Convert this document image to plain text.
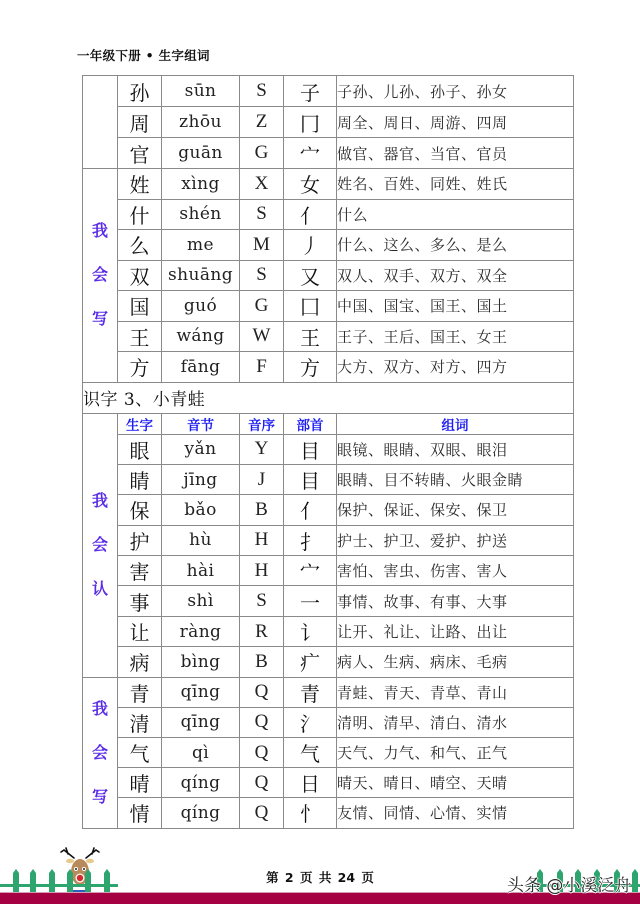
一年级下册 • 生字组词
	孙	sūn	S	子	子孙、儿孙、孙子、孙女
	周	zhōu	Z	冂	周全、周日、周游、四周
	官	guān	G	宀	做官、器官、当官、官员

我
会
写	姓	xìng	X	女	姓名、百姓、同姓、姓氏
	什	shén	S	亻	什么
	么	me	M	丿	什么、这么、多么、是么
	双	shuāng	S	又	双人、双手、双方、双全
	国	guó	G	囗	中国、国宝、国王、国土
	王	wáng	W	王	王子、王后、国王、女王
	方	fāng	F	方	大方、双方、对方、四方
识字 3、小青蛙					

我
会
认	生字	音节	音序	部首	组词
	眼	yǎn	Y	目	眼镜、眼睛、双眼、眼泪
	睛	jīng	J	目	眼睛、目不转睛、火眼金睛
	保	bǎo	B	亻	保护、保证、保安、保卫
	护	hù	H	扌	护士、护卫、爱护、护送
	害	hài	H	宀	害怕、害虫、伤害、害人
	事	shì	S	一	事情、故事、有事、大事
	让	ràng	R	讠	让开、礼让、让路、出让
	病	bìng	B	疒	病人、生病、病床、毛病

我
会
写	青	qīng	Q	青	青蛙、青天、青草、青山
	清	qīng	Q	氵	清明、清早、清白、清水
	气	qì	Q	气	天气、力气、和气、正气
	晴	qíng	Q	日	晴天、晴日、晴空、天晴
	情	qíng	Q	忄	友情、同情、心情、实情
第 2 页 共 24 页	头条 @小溪泛舟
